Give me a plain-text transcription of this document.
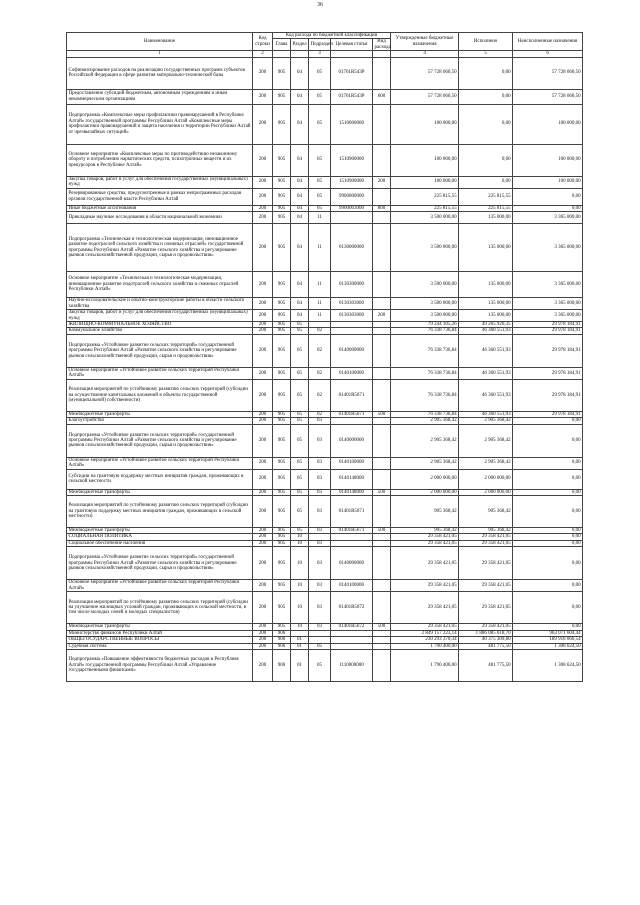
36
Наименование	Код строки	Код расхода по бюджетной классификации					Утвержденные бюджетные назначения	Исполнено	Неисполненные назначения
		Глава	Раздел	Подраздел	Целевая статья	Вид расхода			
1	2			3			4	5	6
Софинансирование расходов на реализацию государственных программ субъектов Российской Федерации в сфере развития материально-технической базы	200	905	04	05	01701R543P		57 728 060,50	0,00	57 728 060,50
Предоставление субсидий бюджетным, автономным учреждениям и иным некоммерческим организациям	200	905	04	05	01701R543P	600	57 728 060,50	0,00	57 728 060,50
Подпрограмма «Комплексные меры профилактики правонарушений в Республике Алтай» государственной программы Республики Алтай «Комплексные меры профилактики правонарушений и защита населения и территории Республики Алтай от чрезвычайных ситуаций»	200	905	04	05	1510000000		100 000,00	0,00	100 000,00
Основное мероприятие «Комплексные меры по противодействию незаконному обороту и потреблению наркотических средств, психотропных веществ и их прекурсоров в Республике Алтай»	200	905	04	05	1510900000		100 000,00	0,00	100 000,00
Закупка товаров, работ и услуг для обеспечения государственных (муниципальных) нужд	200	905	04	05	1510900000	200	100 000,00	0,00	100 000,00
Резервированные средства, предусмотренные в рамках непрограммных расходов органов государственной власти Республики Алтай	200	905	04	05	9900000000		225 815,55	225 815,55	0,00
Иные бюджетные ассигнования	200	905	04	05	9900003000	800	225 815,55	225 815,55	0,00
Прикладные научные исследования в области национальной экономики	200	905	04	11			3 500 000,00	135 000,00	3 365 000,00
Подпрограмма «Техническая и технологическая модернизация, инновационное развитие подотраслей сельского хозяйства и смежных отраслей» государственной программы Республики Алтай «Развитие сельского хозяйства и регулирование рынков сельскохозяйственной продукции, сырья и продовольствия»	200	905	04	11	0130000000		3 500 000,00	135 000,00	3 365 000,00
Основное мероприятие «Техническая и технологическая модернизация, инновационное развитие подотраслей сельского хозяйства и смежных отраслей Республики Алтай»	200	905	04	11	0130300000		3 500 000,00	135 000,00	3 365 000,00
Научно-исследовательские и опытно-конструкторские работы в области сельского хозяйства	200	905	04	11	0130303000		3 500 000,00	135 000,00	3 365 000,00
Закупка товаров, работ и услуг для обеспечения государственных (муниципальных) нужд	200	905	04	11	0130303000	200	3 500 000,00	135 000,00	3 365 000,00
ЖИЛИЩНО-КОММУНАЛЬНОЕ ХОЗЯЙСТВО	200	905	05				79 244 105,26	49 265 920,35	29 978 184,91
Коммунальное хозяйство	200	905	05	02			76 338 736,84	46 360 551,93	29 978 184,91
Подпрограмма «Устойчивое развитие сельских территорий» государственной программы Республики Алтай «Развитие сельского хозяйства и регулирование рынков сельскохозяйственной продукции, сырья и продовольствия»	200	905	05	02	0140000000		76 338 736,84	46 360 551,93	29 978 184,91
Основное мероприятие «Устойчивое развитие сельских территорий Республики Алтай»	200	905	05	02	0140100000		76 338 736,84	46 360 551,93	29 978 184,91
Реализация мероприятий по устойчивому развитию сельских территорий (субсидии на осуществление капитальных вложений в объекты государственной (муниципальной) собственности)	200	905	05	02	01401R5671		76 338 736,84	46 360 551,93	29 978 184,91
Межбюджетные трансферты	200	905	05	02	01401R5671	500	76 338 736,84	46 360 551,93	29 978 184,91
Благоустройство	200	905	05	03			2 905 368,42	2 905 368,42	0,00
Подпрограмма «Устойчивое развитие сельских территорий» государственной программы Республики Алтай «Развитие сельского хозяйства и регулирование рынков сельскохозяйственной продукции, сырья и продовольствия»	200	905	05	03	0140000000		2 905 368,42	2 905 368,42	0,00
Основное мероприятие «Устойчивое развитие сельских территорий Республики Алтай»	200	905	05	03	0140100000		2 905 368,42	2 905 368,42	0,00
Субсидии на грантовую поддержку местных инициатив граждан, проживающих в сельской местности	200	905	05	03	0140148000		2 000 000,00	2 000 000,00	0,00
Межбюджетные трансферты	200	905	05	03	0140148000	500	2 000 000,00	2 000 000,00	0,00
Реализация мероприятий по устойчивому развитию сельских территорий (субсидии на грантовую поддержку местных инициатив граждан, проживающих в сельской местности)	200	905	05	03	01401R5671		905 368,42	905 368,42	0,00
Межбюджетные трансферты	200	905	05	03	01401R5671	500	905 368,42	905 368,42	0,00
СОЦИАЛЬНАЯ ПОЛИТИКА	200	905	10				29 358 421,05	29 358 421,05	0,00
Социальное обеспечение населения	200	905	10	03			29 358 421,05	29 358 421,05	0,00
Подпрограмма «Устойчивое развитие сельских территорий» государственной программы Республики Алтай «Развитие сельского хозяйства и регулирование рынков сельскохозяйственной продукции, сырья и продовольствия»	200	905	10	03	0140000000		29 358 421,05	29 358 421,05	0,00
Основное мероприятие «Устойчивое развитие сельских территорий Республики Алтай»	200	905	10	03	0140100000		29 358 421,05	29 358 421,05	0,00
Реализация мероприятий по устойчивому развитию сельских территорий (субсидии на улучшение жилищных условий граждан, проживающих в сельской местности, в том числе молодых семей и молодых специалистов)	200	905	10	03	01401R5672		29 358 421,05	29 358 421,05	0,00
Межбюджетные трансферты	200	905	10	03	01401R5672	500	29 358 421,05	29 358 421,05	0,00
Министерство финансов Республики Алтай	200	906					2 849 157 223,14	1 886 085 618,70	963 071 604,44
ОБЩЕГОСУДАРСТВЕННЫЕ ВОПРОСЫ	200	906	01				230 293 370,34	40 375 309,80	189 918 060,54
Судебная система	200	906	01	05			1 790 400,00	481 775,50	1 308 624,50
Подпрограмма «Повышение эффективности бюджетных расходов в Республике Алтай» государственной программы Республики Алтай «Управление государственными финансами»	200	906	01	05	1110000000		1 790 400,00	481 775,50	1 308 624,50
